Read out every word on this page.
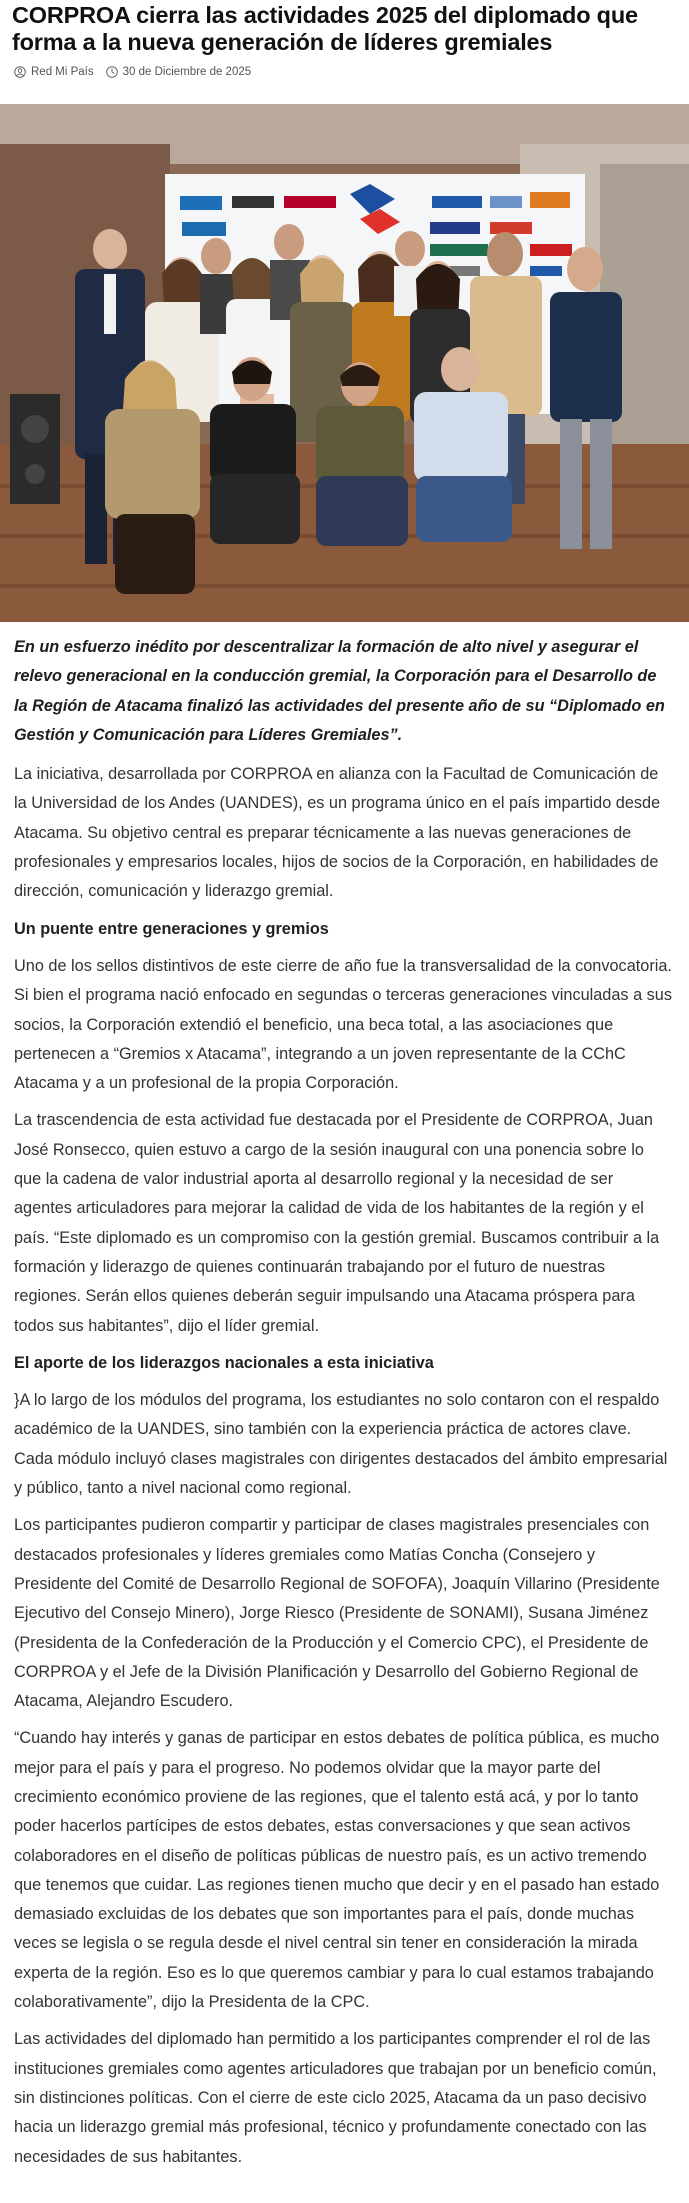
CORPROA cierra las actividades 2025 del diplomado que forma a la nueva generación de líderes gremiales
Red Mi País	30 de Diciembre de 2025

En un esfuerzo inédito por descentralizar la formación de alto nivel y asegurar el relevo generacional en la conducción gremial, la Corporación para el Desarrollo de la Región de Atacama finalizó las actividades del presente año de su “Diplomado en Gestión y Comunicación para Líderes Gremiales”.

La iniciativa, desarrollada por CORPROA en alianza con la Facultad de Comunicación de la Universidad de los Andes (UANDES), es un programa único en el país impartido desde Atacama. Su objetivo central es preparar técnicamente a las nuevas generaciones de profesionales y empresarios locales, hijos de socios de la Corporación, en habilidades de dirección, comunicación y liderazgo gremial.

Un puente entre generaciones y gremios

Uno de los sellos distintivos de este cierre de año fue la transversalidad de la convocatoria. Si bien el programa nació enfocado en segundas o terceras generaciones vinculadas a sus socios, la Corporación extendió el beneficio, una beca total, a las asociaciones que pertenecen a “Gremios x Atacama”, integrando a un joven representante de la CChC Atacama y a un profesional de la propia Corporación.

La trascendencia de esta actividad fue destacada por el Presidente de CORPROA, Juan José Ronsecco, quien estuvo a cargo de la sesión inaugural con una ponencia sobre lo que la cadena de valor industrial aporta al desarrollo regional y la necesidad de ser agentes articuladores para mejorar la calidad de vida de los habitantes de la región y el país. “Este diplomado es un compromiso con la gestión gremial. Buscamos contribuir a la formación y liderazgo de quienes continuarán trabajando por el futuro de nuestras regiones. Serán ellos quienes deberán seguir impulsando una Atacama próspera para todos sus habitantes”, dijo el líder gremial.

El aporte de los liderazgos nacionales a esta iniciativa

}A lo largo de los módulos del programa, los estudiantes no solo contaron con el respaldo académico de la UANDES, sino también con la experiencia práctica de actores clave. Cada módulo incluyó clases magistrales con dirigentes destacados del ámbito empresarial y público, tanto a nivel nacional como regional.

Los participantes pudieron compartir y participar de clases magistrales presenciales con destacados profesionales y líderes gremiales como Matías Concha (Consejero y Presidente del Comité de Desarrollo Regional de SOFOFA), Joaquín Villarino (Presidente Ejecutivo del Consejo Minero), Jorge Riesco (Presidente de SONAMI), Susana Jiménez (Presidenta de la Confederación de la Producción y el Comercio CPC), el Presidente de CORPROA y el Jefe de la División Planificación y Desarrollo del Gobierno Regional de Atacama, Alejandro Escudero.

“Cuando hay interés y ganas de participar en estos debates de política pública, es mucho mejor para el país y para el progreso. No podemos olvidar que la mayor parte del crecimiento económico proviene de las regiones, que el talento está acá, y por lo tanto poder hacerlos partícipes de estos debates, estas conversaciones y que sean activos colaboradores en el diseño de políticas públicas de nuestro país, es un activo tremendo que tenemos que cuidar. Las regiones tienen mucho que decir y en el pasado han estado demasiado excluidas de los debates que son importantes para el país, donde muchas veces se legisla o se regula desde el nivel central sin tener en consideración la mirada experta de la región. Eso es lo que queremos cambiar y para lo cual estamos trabajando colaborativamente”, dijo la Presidenta de la CPC.

Las actividades del diplomado han permitido a los participantes comprender el rol de las instituciones gremiales como agentes articuladores que trabajan por un beneficio común, sin distinciones políticas. Con el cierre de este ciclo 2025, Atacama da un paso decisivo hacia un liderazgo gremial más profesional, técnico y profundamente conectado con las necesidades de sus habitantes.
